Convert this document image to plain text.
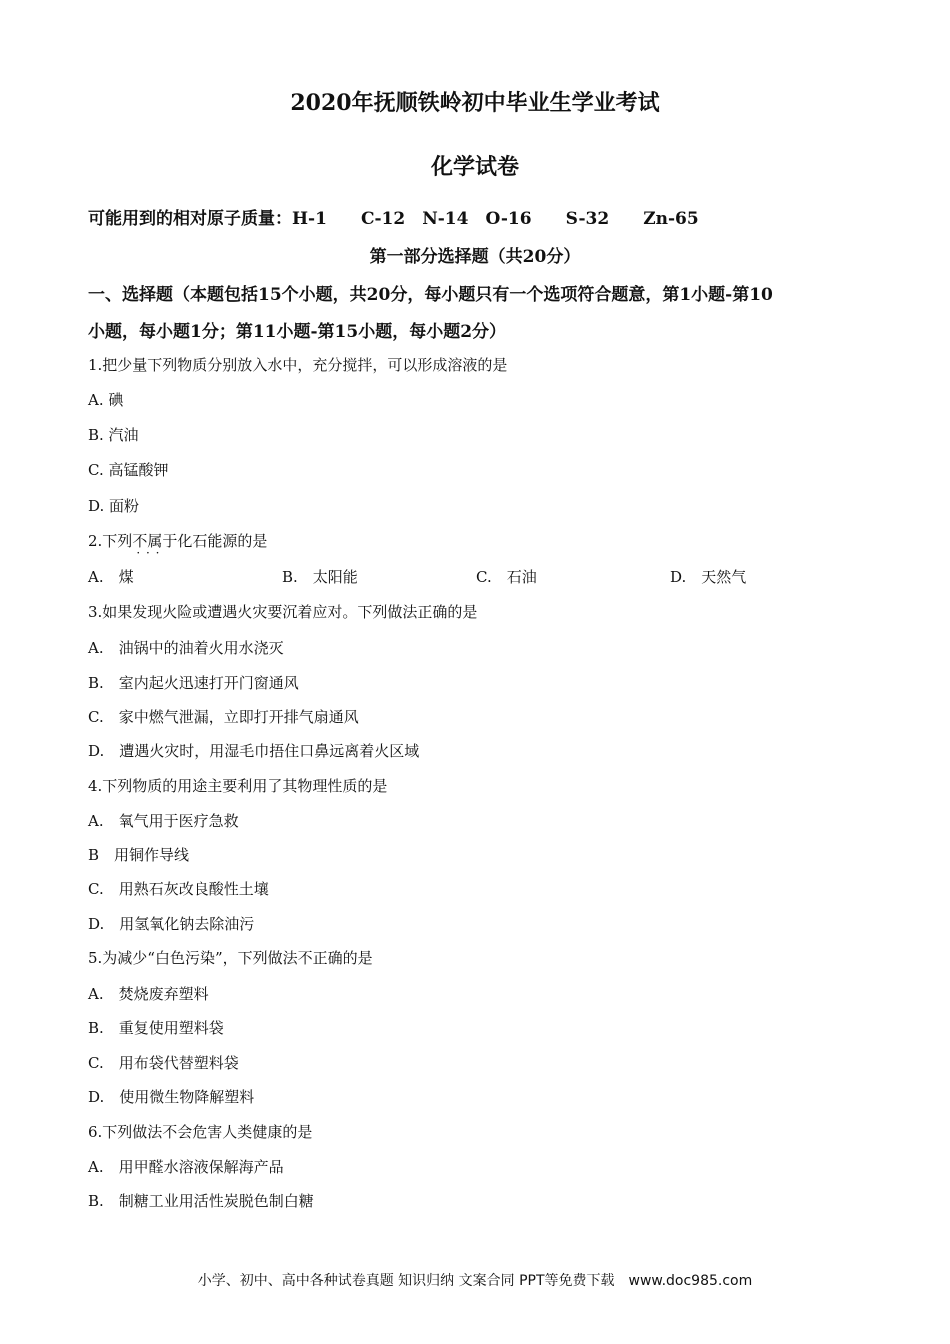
2020年抚顺铁岭初中毕业生学业考试
化学试卷
可能用到的相对原子质量：H-1　　C-12　N-14　O-16　　S-32　　Zn-65
第一部分选择题（共20分）
一、选择题（本题包括15个小题，共20分，每小题只有一个选项符合题意，第1小题-第10
小题，每小题1分；第11小题-第15小题，每小题2分）
1.把少量下列物质分别放入水中，充分搅拌，可以形成溶液的是
A. 碘
B. 汽油
C. 高锰酸钾
D. 面粉
2.下列不属于 · · ·化石能源的是
A.　煤	B.　太阳能	C.　石油	D.　天然气
3.如果发现火险或遭遇火灾要沉着应对。下列做法正确的是
A.　油锅中的油着火用水浇灭
B.　室内起火迅速打开门窗通风
C.　家中燃气泄漏，立即打开排气扇通风
D.　遭遇火灾时，用湿毛巾捂住口鼻远离着火区域
4.下列物质的用途主要利用了其物理性质的是
A.　氧气用于医疗急救
B　用铜作导线
C.　用熟石灰改良酸性土壤
D.　用氢氧化钠去除油污
5.为减少“白色污染”，下列做法不正确的是
A.　焚烧废弃塑料
B.　重复使用塑料袋
C.　用布袋代替塑料袋
D.　使用微生物降解塑料
6.下列做法不会危害人类健康的是
A.　用甲醛水溶液保解海产品
B.　制糖工业用活性炭脱色制白糖
小学、初中、高中各种试卷真题 知识归纳 文案合同 PPT等免费下载　www.doc985.com
